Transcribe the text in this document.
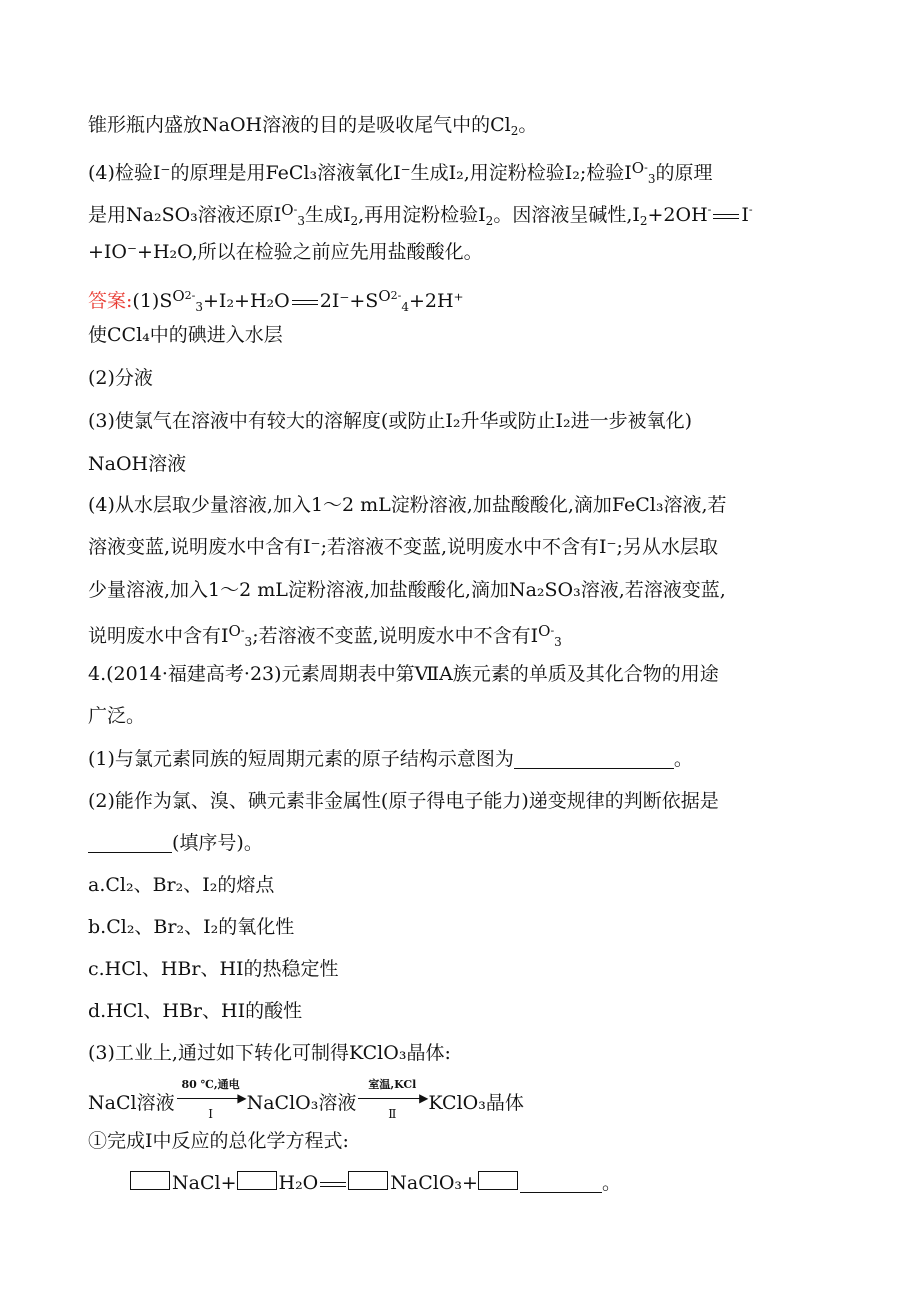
锥形瓶内盛放NaOH溶液的目的是吸收尾气中的$Cl_2$。
(4)检验I⁻的原理是用FeCl₃溶液氧化I⁻生成I₂,用淀粉检验I₂;检验$I^{O-}_3$的原理
是用Na₂SO₃溶液还原$I^{O-}_3$生成$I_2$,再用淀粉检验$I_2$。因溶液呈碱性$,I_2+2OH^-$ I-
+IO⁻+H₂O,所以在检验之前应先用盐酸酸化。
答案$:(1)S^{O2-}_3+I_2+H_2O$ $2I^-+S^{O2-}_4+2H^+$
使CCl₄中的碘进入水层
(2)分液
(3)使氯气在溶液中有较大的溶解度(或防止I₂升华或防止I₂进一步被氧化)
NaOH溶液
(4)从水层取少量溶液,加入1～2 mL淀粉溶液,加盐酸酸化,滴加FeCl₃溶液,若
溶液变蓝,说明废水中含有I⁻;若溶液不变蓝,说明废水中不含有I⁻;另从水层取
少量溶液,加入1～2 mL淀粉溶液,加盐酸酸化,滴加Na₂SO₃溶液,若溶液变蓝,
说明废水中含有$I^{O-}_3$;若溶液不变蓝,说明废水中不含有$I^{O-}_3$
4.(2014·福建高考·23)元素周期表中第ⅦA族元素的单质及其化合物的用途
广泛。
(1)与氯元素同族的短周期元素的原子结构示意图为	。
(2)能作为氯、溴、碘元素非金属性(原子得电子能力)递变规律的判断依据是
(填序号)。
a.Cl₂、Br₂、I₂的熔点
b.Cl₂、Br₂、I₂的氧化性
c.HCl、HBr、HI的热稳定性
d.HCl、HBr、HI的酸性
(3)工业上,通过如下转化可制得KClO₃晶体:
NaCl溶液
80 ℃,通电
▶
Ⅰ	NaClO₃溶液
室温,KCl
▶
Ⅱ	KClO₃晶体
①完成Ⅰ中反应的总化学方程式:
NaCl+ H₂O	NaClO₃+	。
